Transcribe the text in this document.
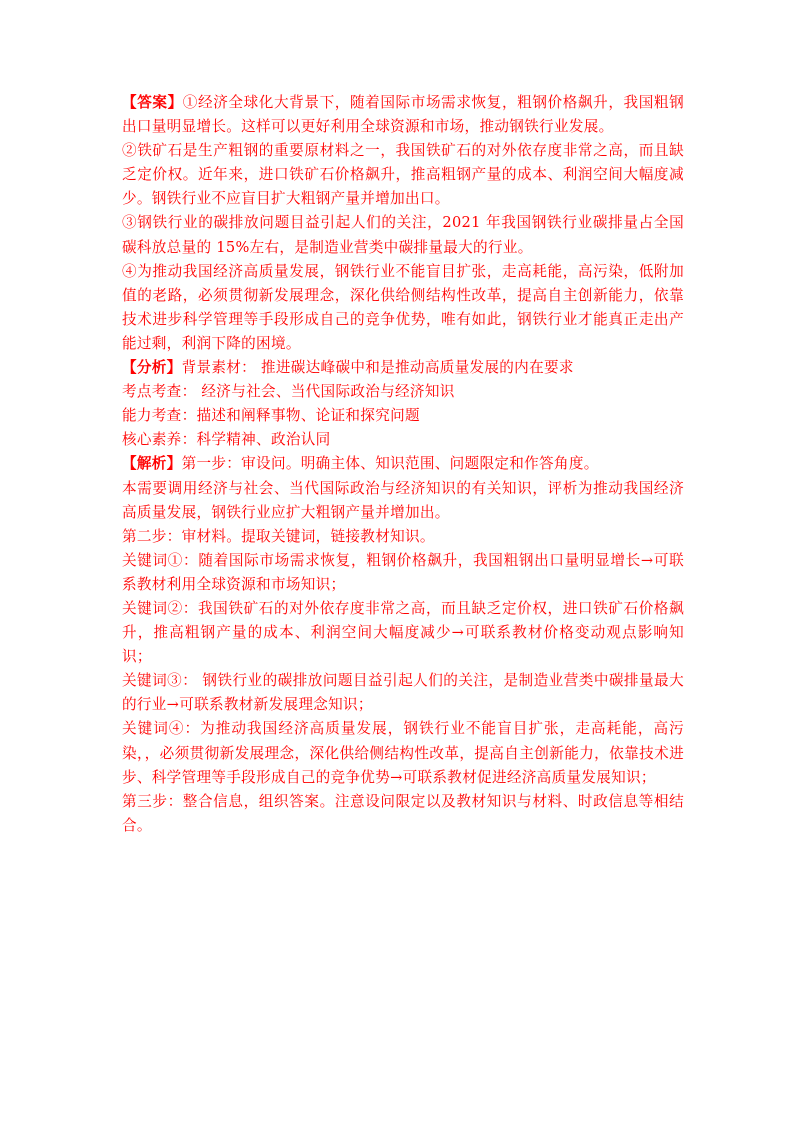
【答案】①经济全球化大背景下，随着国际市场需求恢复，粗钢价格飙升，我国粗钢出口量明显增长。这样可以更好利用全球资源和市场，推动钢铁行业发展。

②铁矿石是生产粗钢的重要原材料之一，我国铁矿石的对外依存度非常之高，而且缺乏定价权。近年来，进口铁矿石价格飙升，推高粗钢产量的成本、利润空间大幅度减少。钢铁行业不应盲目扩大粗钢产量并增加出口。

③钢铁行业的碳排放问题目益引起人们的关注，2021 年我国钢铁行业碳排量占全国碳科放总量的 15%左右，是制造业营类中碳排量最大的行业。

④为推动我国经济高质量发展，钢铁行业不能盲目扩张，走高耗能，高污染，低附加值的老路，必须贯彻新发展理念，深化供给侧结构性改革，提高自主创新能力，依靠技术进步科学管理等手段形成自己的竞争优势，唯有如此，钢铁行业才能真正走出产能过剩，利润下降的困境。

【分析】背景素材： 推进碳达峰碳中和是推动高质量发展的内在要求

考点考查： 经济与社会、当代国际政治与经济知识

能力考查：描述和阐释事物、论证和探究问题

核心素养：科学精神、政治认同

【解析】第一步：审设问。明确主体、知识范围、问题限定和作答角度。

本需要调用经济与社会、当代国际政治与经济知识的有关知识，评析为推动我国经济高质量发展，钢铁行业应扩大粗钢产量并增加出。

第二步：审材料。提取关键词，链接教材知识。

关键词①：随着国际市场需求恢复，粗钢价格飙升，我国粗钢出口量明显增长→可联系教材利用全球资源和市场知识；

关键词②：我国铁矿石的对外依存度非常之高，而且缺乏定价权，进口铁矿石价格飙升，推高粗钢产量的成本、利润空间大幅度减少→可联系教材价格变动观点影响知识；

关键词③： 钢铁行业的碳排放问题目益引起人们的关注，是制造业营类中碳排量最大的行业→可联系教材新发展理念知识；

关键词④：为推动我国经济高质量发展，钢铁行业不能盲目扩张，走高耗能，高污染，，必须贯彻新发展理念，深化供给侧结构性改革，提高自主创新能力，依靠技术进步、科学管理等手段形成自己的竞争优势→可联系教材促进经济高质量发展知识；

第三步：整合信息，组织答案。注意设问限定以及教材知识与材料、时政信息等相结合。
